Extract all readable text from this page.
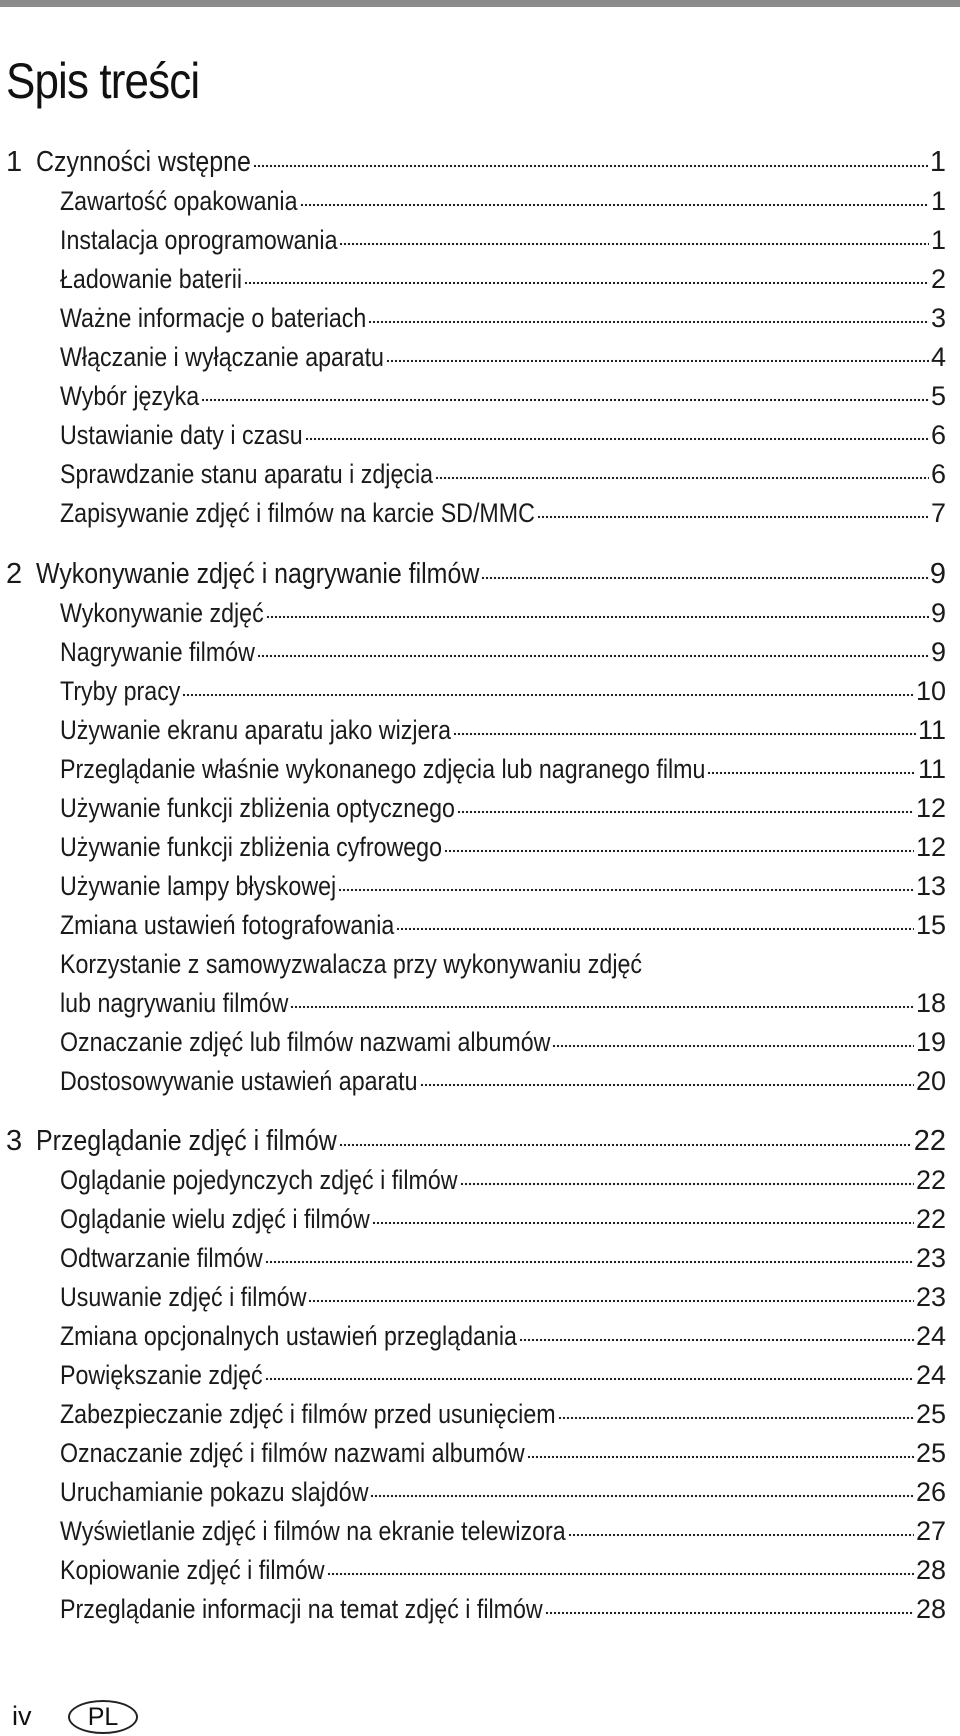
Spis treści
1 Czynności wstępne	1
Zawartość opakowania	1
Instalacja oprogramowania	1
Ładowanie baterii	2
Ważne informacje o bateriach	3
Włączanie i wyłączanie aparatu	4
Wybór języka	5
Ustawianie daty i czasu	6
Sprawdzanie stanu aparatu i zdjęcia	6
Zapisywanie zdjęć i filmów na karcie SD/MMC	7
2 Wykonywanie zdjęć i nagrywanie filmów	9
Wykonywanie zdjęć	9
Nagrywanie filmów	9
Tryby pracy	10
Używanie ekranu aparatu jako wizjera	11
Przeglądanie właśnie wykonanego zdjęcia lub nagranego filmu	11
Używanie funkcji zbliżenia optycznego	12
Używanie funkcji zbliżenia cyfrowego	12
Używanie lampy błyskowej	13
Zmiana ustawień fotografowania	15
Korzystanie z samowyzwalacza przy wykonywaniu zdjęć
lub nagrywaniu filmów	18
Oznaczanie zdjęć lub filmów nazwami albumów	19
Dostosowywanie ustawień aparatu	20
3 Przeglądanie zdjęć i filmów	22
Oglądanie pojedynczych zdjęć i filmów	22
Oglądanie wielu zdjęć i filmów	22
Odtwarzanie filmów	23
Usuwanie zdjęć i filmów	23
Zmiana opcjonalnych ustawień przeglądania	24
Powiększanie zdjęć	24
Zabezpieczanie zdjęć i filmów przed usunięciem	25
Oznaczanie zdjęć i filmów nazwami albumów	25
Uruchamianie pokazu slajdów	26
Wyświetlanie zdjęć i filmów na ekranie telewizora	27
Kopiowanie zdjęć i filmów	28
Przeglądanie informacji na temat zdjęć i filmów	28
iv	PL
